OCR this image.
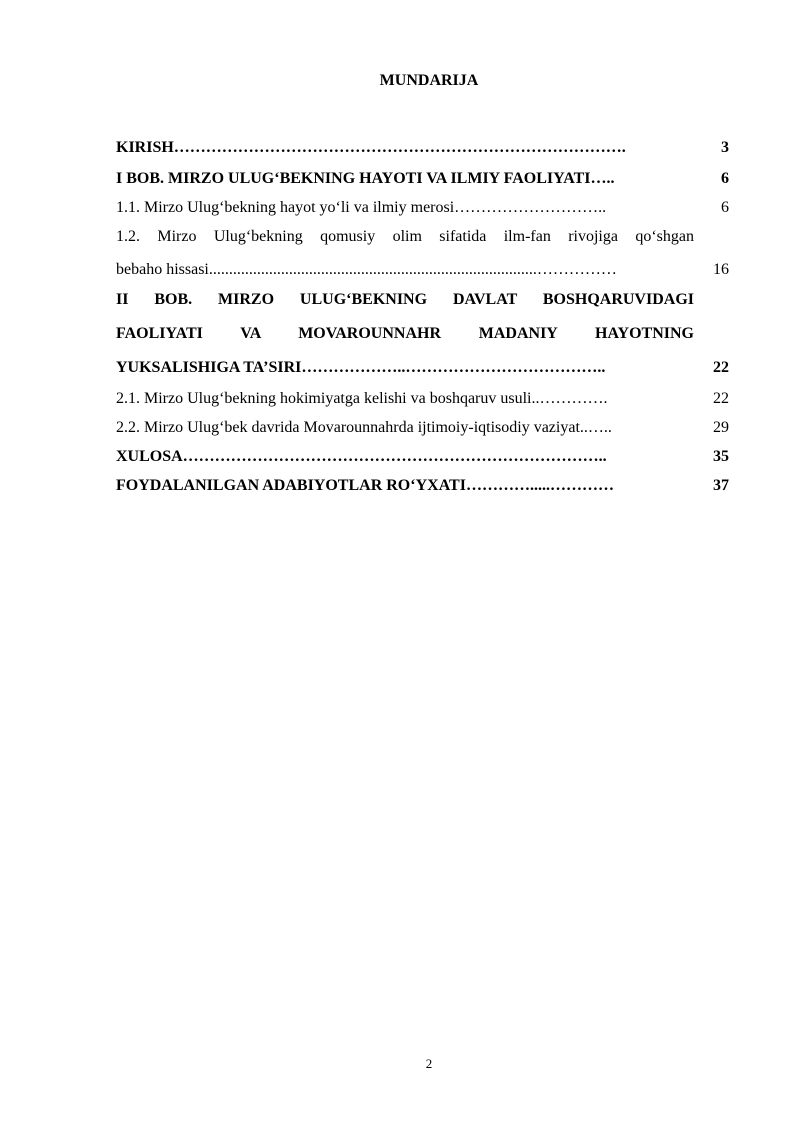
MUNDARIJA
KIRISH………………………………………………………………………….	3
I BOB. MIRZO ULUG‘BEKNING HAYOTI VA ILMIY FAOLIYATI…..	6
1.1. Mirzo Ulug‘bekning hayot yo‘li va ilmiy merosi………………………..	6
1.2. Mirzo Ulug‘bekning qomusiy olim sifatida ilm-fan rivojiga qo‘shgan
bebaho hissasi..................................................................................……………	16
II BOB. MIRZO ULUG‘BEKNING DAVLAT BOSHQARUVIDAGI
FAOLIYATI VA MOVAROUNNAHR MADANIY HAYOTNING
YUKSALISHIGA TA’SIRI………………..………………………………..	22
2.1. Mirzo Ulug‘bekning hokimiyatga kelishi va boshqaruv usuli..………….	22
2.2. Mirzo Ulug‘bek davrida Movarounnahrda ijtimoiy-iqtisodiy vaziyat..…..	29
XULOSA……………………………………………………………………..	35
FOYDALANILGAN ADABIYOTLAR RO‘YXATI………….....…………	37
2
